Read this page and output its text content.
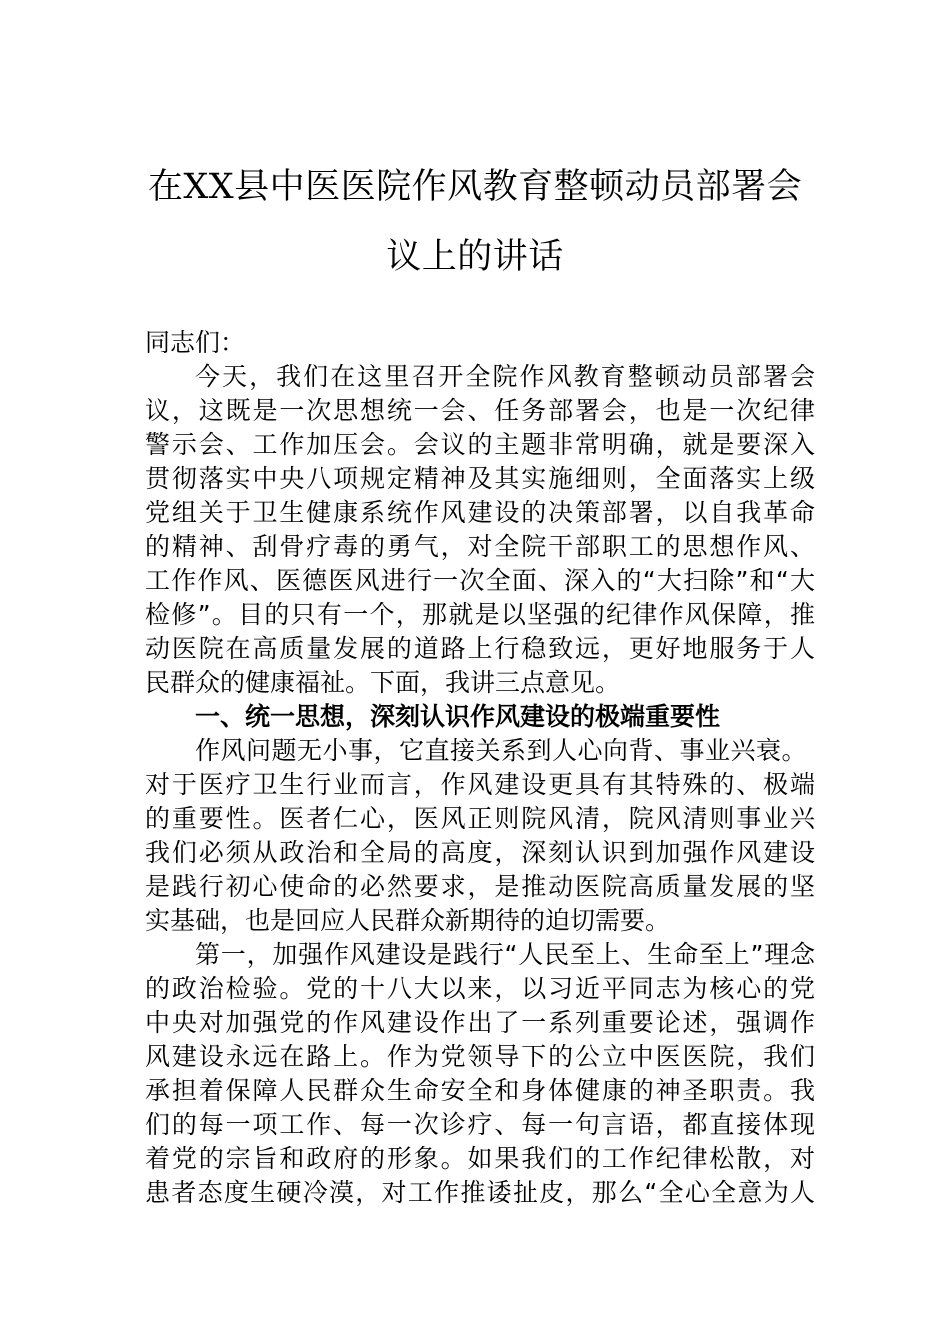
在XX县中医医院作风教育整顿动员部署会
议上的讲话
同志们：
今天，我们在这里召开全院作风教育整顿动员部署会
议，这既是一次思想统一会、任务部署会，也是一次纪律
警示会、工作加压会。会议的主题非常明确，就是要深入
贯彻落实中央八项规定精神及其实施细则，全面落实上级
党组关于卫生健康系统作风建设的决策部署，以自我革命
的精神、刮骨疗毒的勇气，对全院干部职工的思想作风、
工作作风、医德医风进行一次全面、深入的“大扫除”和“大
检修”。目的只有一个，那就是以坚强的纪律作风保障，推
动医院在高质量发展的道路上行稳致远，更好地服务于人
民群众的健康福祉。下面，我讲三点意见。
一、统一思想，深刻认识作风建设的极端重要性
作风问题无小事，它直接关系到人心向背、事业兴衰。
对于医疗卫生行业而言，作风建设更具有其特殊的、极端
的重要性。医者仁心，医风正则院风清，院风清则事业兴
我们必须从政治和全局的高度，深刻认识到加强作风建设
是践行初心使命的必然要求，是推动医院高质量发展的坚
实基础，也是回应人民群众新期待的迫切需要。
第一，加强作风建设是践行“人民至上、生命至上”理念
的政治检验。党的十八大以来，以习近平同志为核心的党
中央对加强党的作风建设作出了一系列重要论述，强调作
风建设永远在路上。作为党领导下的公立中医医院，我们
承担着保障人民群众生命安全和身体健康的神圣职责。我
们的每一项工作、每一次诊疗、每一句言语，都直接体现
着党的宗旨和政府的形象。如果我们的工作纪律松散，对
患者态度生硬冷漠，对工作推诿扯皮，那么“全心全意为人
